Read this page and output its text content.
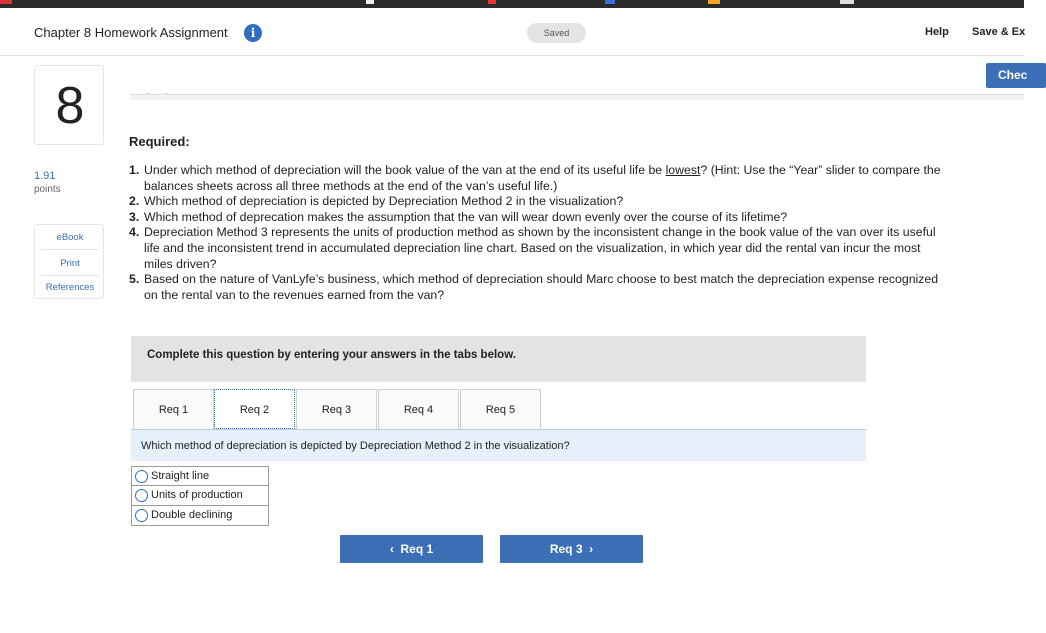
Chapter 8 Homework Assignment	i	Saved	Help Save & Ex
Chec
8
1.91
points
eBook
Print
References
Required:
1. Under which method of depreciation will the book value of the van at the end of its useful life be lowest? (Hint: Use the “Year” slider to compare the balances sheets across all three methods at the end of the van’s useful life.)
2. Which method of depreciation is depicted by Depreciation Method 2 in the visualization?
3. Which method of deprecation makes the assumption that the van will wear down evenly over the course of its lifetime?
4. Depreciation Method 3 represents the units of production method as shown by the inconsistent change in the book value of the van over its useful life and the inconsistent trend in accumulated depreciation line chart. Based on the visualization, in which year did the rental van incur the most miles driven?
5. Based on the nature of VanLyfe’s business, which method of depreciation should Marc choose to best match the depreciation expense recognized on the rental van to the revenues earned from the van?
Complete this question by entering your answers in the tabs below.
Req 1	Req 2	Req 3	Req 4	Req 5
Which method of depreciation is depicted by Depreciation Method 2 in the visualization?
Straight line
Units of production
Double declining
‹ Req 1	Req 3 ›
